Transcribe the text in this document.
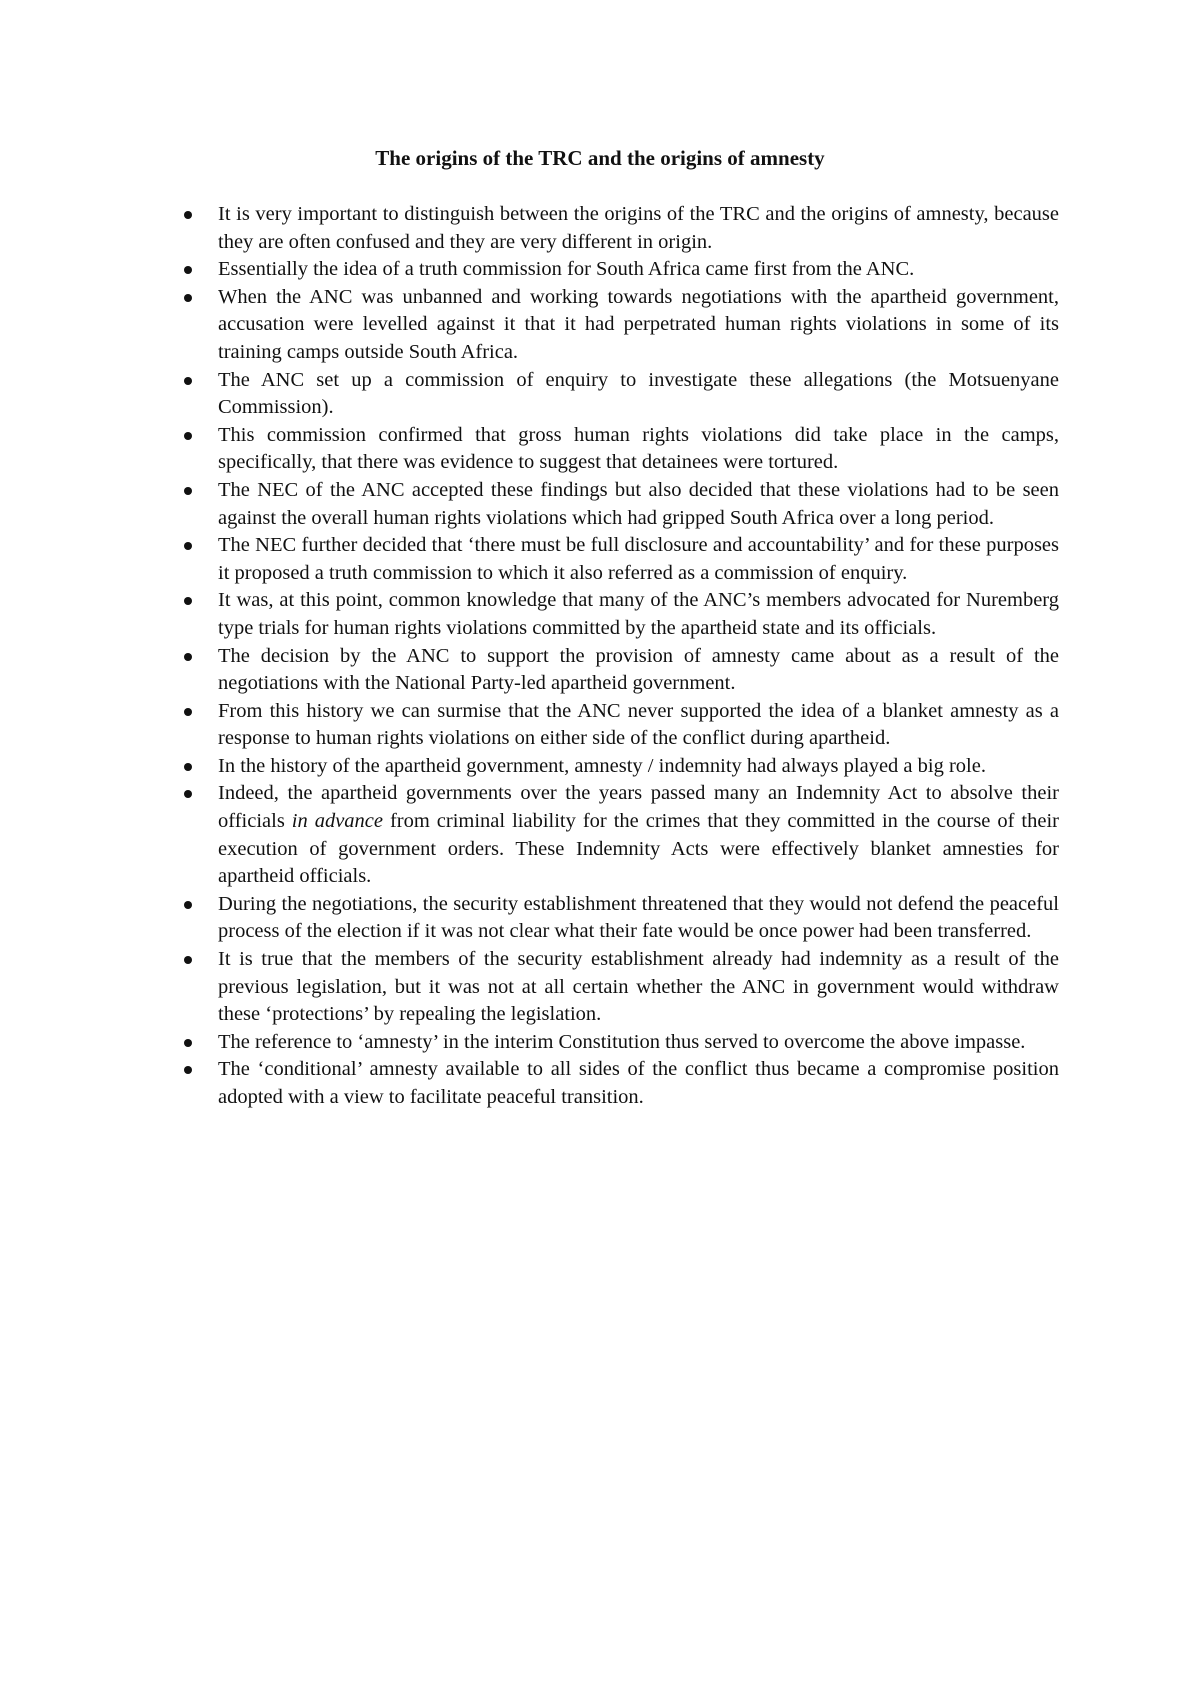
The origins of the TRC and the origins of amnesty
It is very important to distinguish between the origins of the TRC and the origins of amnesty, because they are often confused and they are very different in origin.
Essentially the idea of a truth commission for South Africa came first from the ANC.
When the ANC was unbanned and working towards negotiations with the apartheid government, accusation were levelled against it that it had perpetrated human rights violations in some of its training camps outside South Africa.
The ANC set up a commission of enquiry to investigate these allegations (the Motsuenyane Commission).
This commission confirmed that gross human rights violations did take place in the camps, specifically, that there was evidence to suggest that detainees were tortured.
The NEC of the ANC accepted these findings but also decided that these violations had to be seen against the overall human rights violations which had gripped South Africa over a long period.
The NEC further decided that ‘there must be full disclosure and accountability’ and for these purposes it proposed a truth commission to which it also referred as a commission of enquiry.
It was, at this point, common knowledge that many of the ANC’s members advocated for Nuremberg type trials for human rights violations committed by the apartheid state and its officials.
The decision by the ANC to support the provision of amnesty came about as a result of the negotiations with the National Party-led apartheid government.
From this history we can surmise that the ANC never supported the idea of a blanket amnesty as a response to human rights violations on either side of the conflict during apartheid.
In the history of the apartheid government, amnesty / indemnity had always played a big role.
Indeed, the apartheid governments over the years passed many an Indemnity Act to absolve their officials in advance from criminal liability for the crimes that they committed in the course of their execution of government orders. These Indemnity Acts were effectively blanket amnesties for apartheid officials.
During the negotiations, the security establishment threatened that they would not defend the peaceful process of the election if it was not clear what their fate would be once power had been transferred.
It is true that the members of the security establishment already had indemnity as a result of the previous legislation, but it was not at all certain whether the ANC in government would withdraw these ‘protections’ by repealing the legislation.
The reference to ‘amnesty’ in the interim Constitution thus served to overcome the above impasse.
The ‘conditional’ amnesty available to all sides of the conflict thus became a compromise position adopted with a view to facilitate peaceful transition.
